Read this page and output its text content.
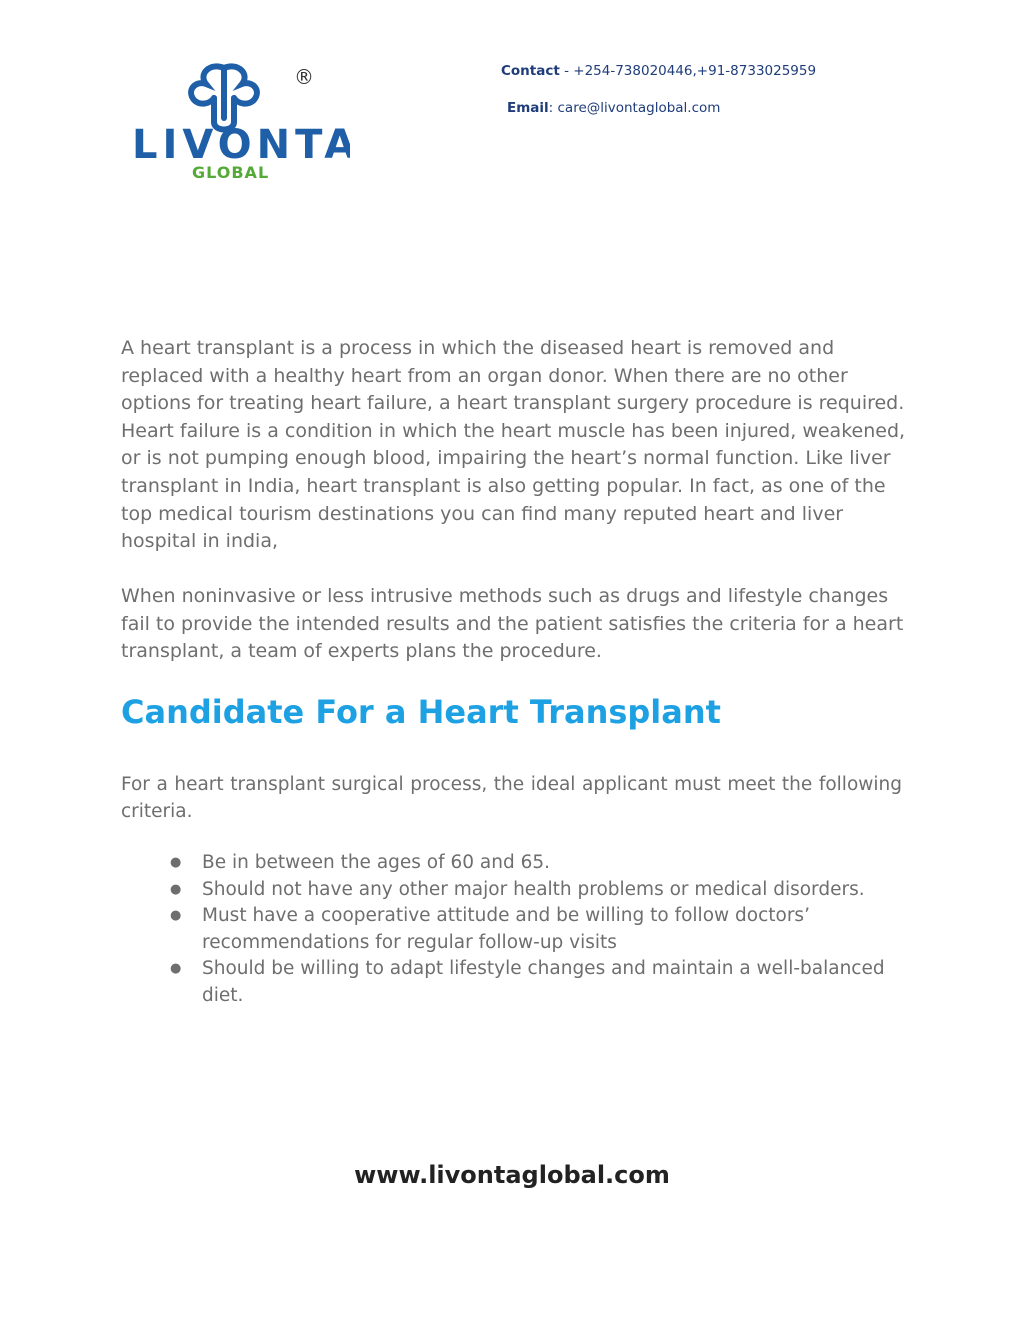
®
LIVONTA
GLOBAL
Contact - +254-738020446,+91-8733025959
Email: care@livontaglobal.com

A heart transplant is a process in which the diseased heart is removed and replaced with a healthy heart from an organ donor. When there are no other options for treating heart failure, a heart transplant surgery procedure is required. Heart failure is a condition in which the heart muscle has been injured, weakened, or is not pumping enough blood, impairing the heart’s normal function. Like liver transplant in India, heart transplant is also getting popular. In fact, as one of the top medical tourism destinations you can find many reputed heart and liver hospital in india,

When noninvasive or less intrusive methods such as drugs and lifestyle changes fail to provide the intended results and the patient satisfies the criteria for a heart transplant, a team of experts plans the procedure.

Candidate For a Heart Transplant

For a heart transplant surgical process, the ideal applicant must meet the following criteria.

● Be in between the ages of 60 and 65.
● Should not have any other major health problems or medical disorders.
● Must have a cooperative attitude and be willing to follow doctors’ recommendations for regular follow-up visits
● Should be willing to adapt lifestyle changes and maintain a well-balanced diet.
www.livontaglobal.com
